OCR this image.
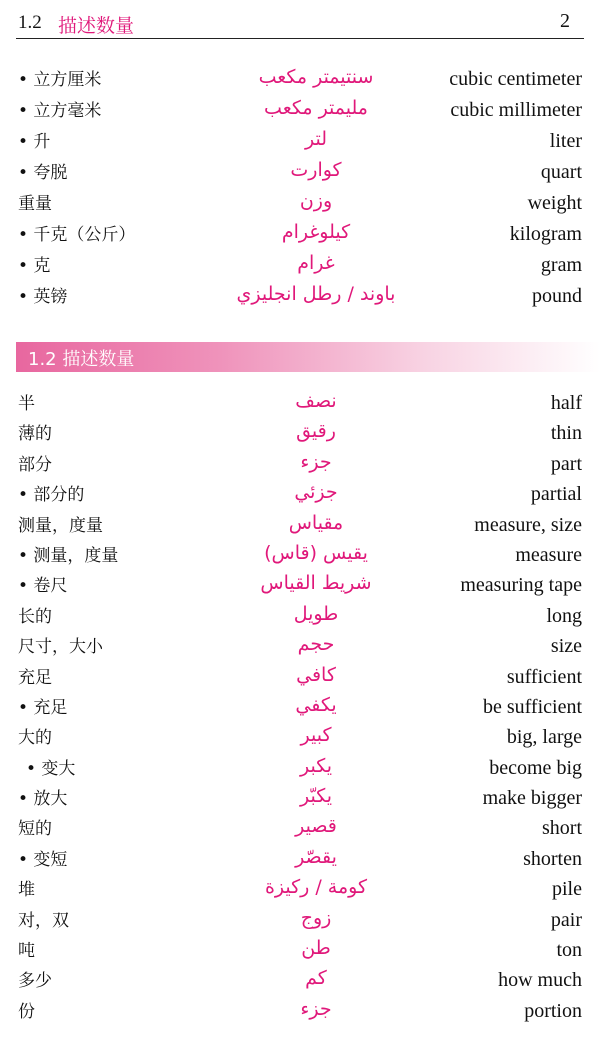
1.2 描述数量	2
• 立方厘米	سنتيمتر مكعب	cubic centimeter
• 立方毫米	مليمتر مكعب	cubic millimeter
• 升	لتر	liter
• 夸脱	كوارت	quart
重量	وزن	weight
• 千克（公斤）	كيلوغرام	kilogram
• 克	غرام	gram
• 英镑	باوند / رطل انجليزي	pound
1.2 描述数量
半	نصف	half
薄的	رقيق	thin
部分	جزء	part
• 部分的	جزئي	partial
测量，度量	مقياس	measure, size
• 测量，度量	يقيس (قاس)	measure
• 卷尺	شريط القياس	measuring tape
长的	طويل	long
尺寸，大小	حجم	size
充足	كافي	sufficient
• 充足	يكفي	be sufficient
大的	كبير	big, large
• 变大	يكبر	become big
• 放大	يكبّر	make bigger
短的	قصير	short
• 变短	يقصّر	shorten
堆	كومة / ركيزة	pile
对，双	زوج	pair
吨	طن	ton
多少	كم	how much
份	جزء	portion
